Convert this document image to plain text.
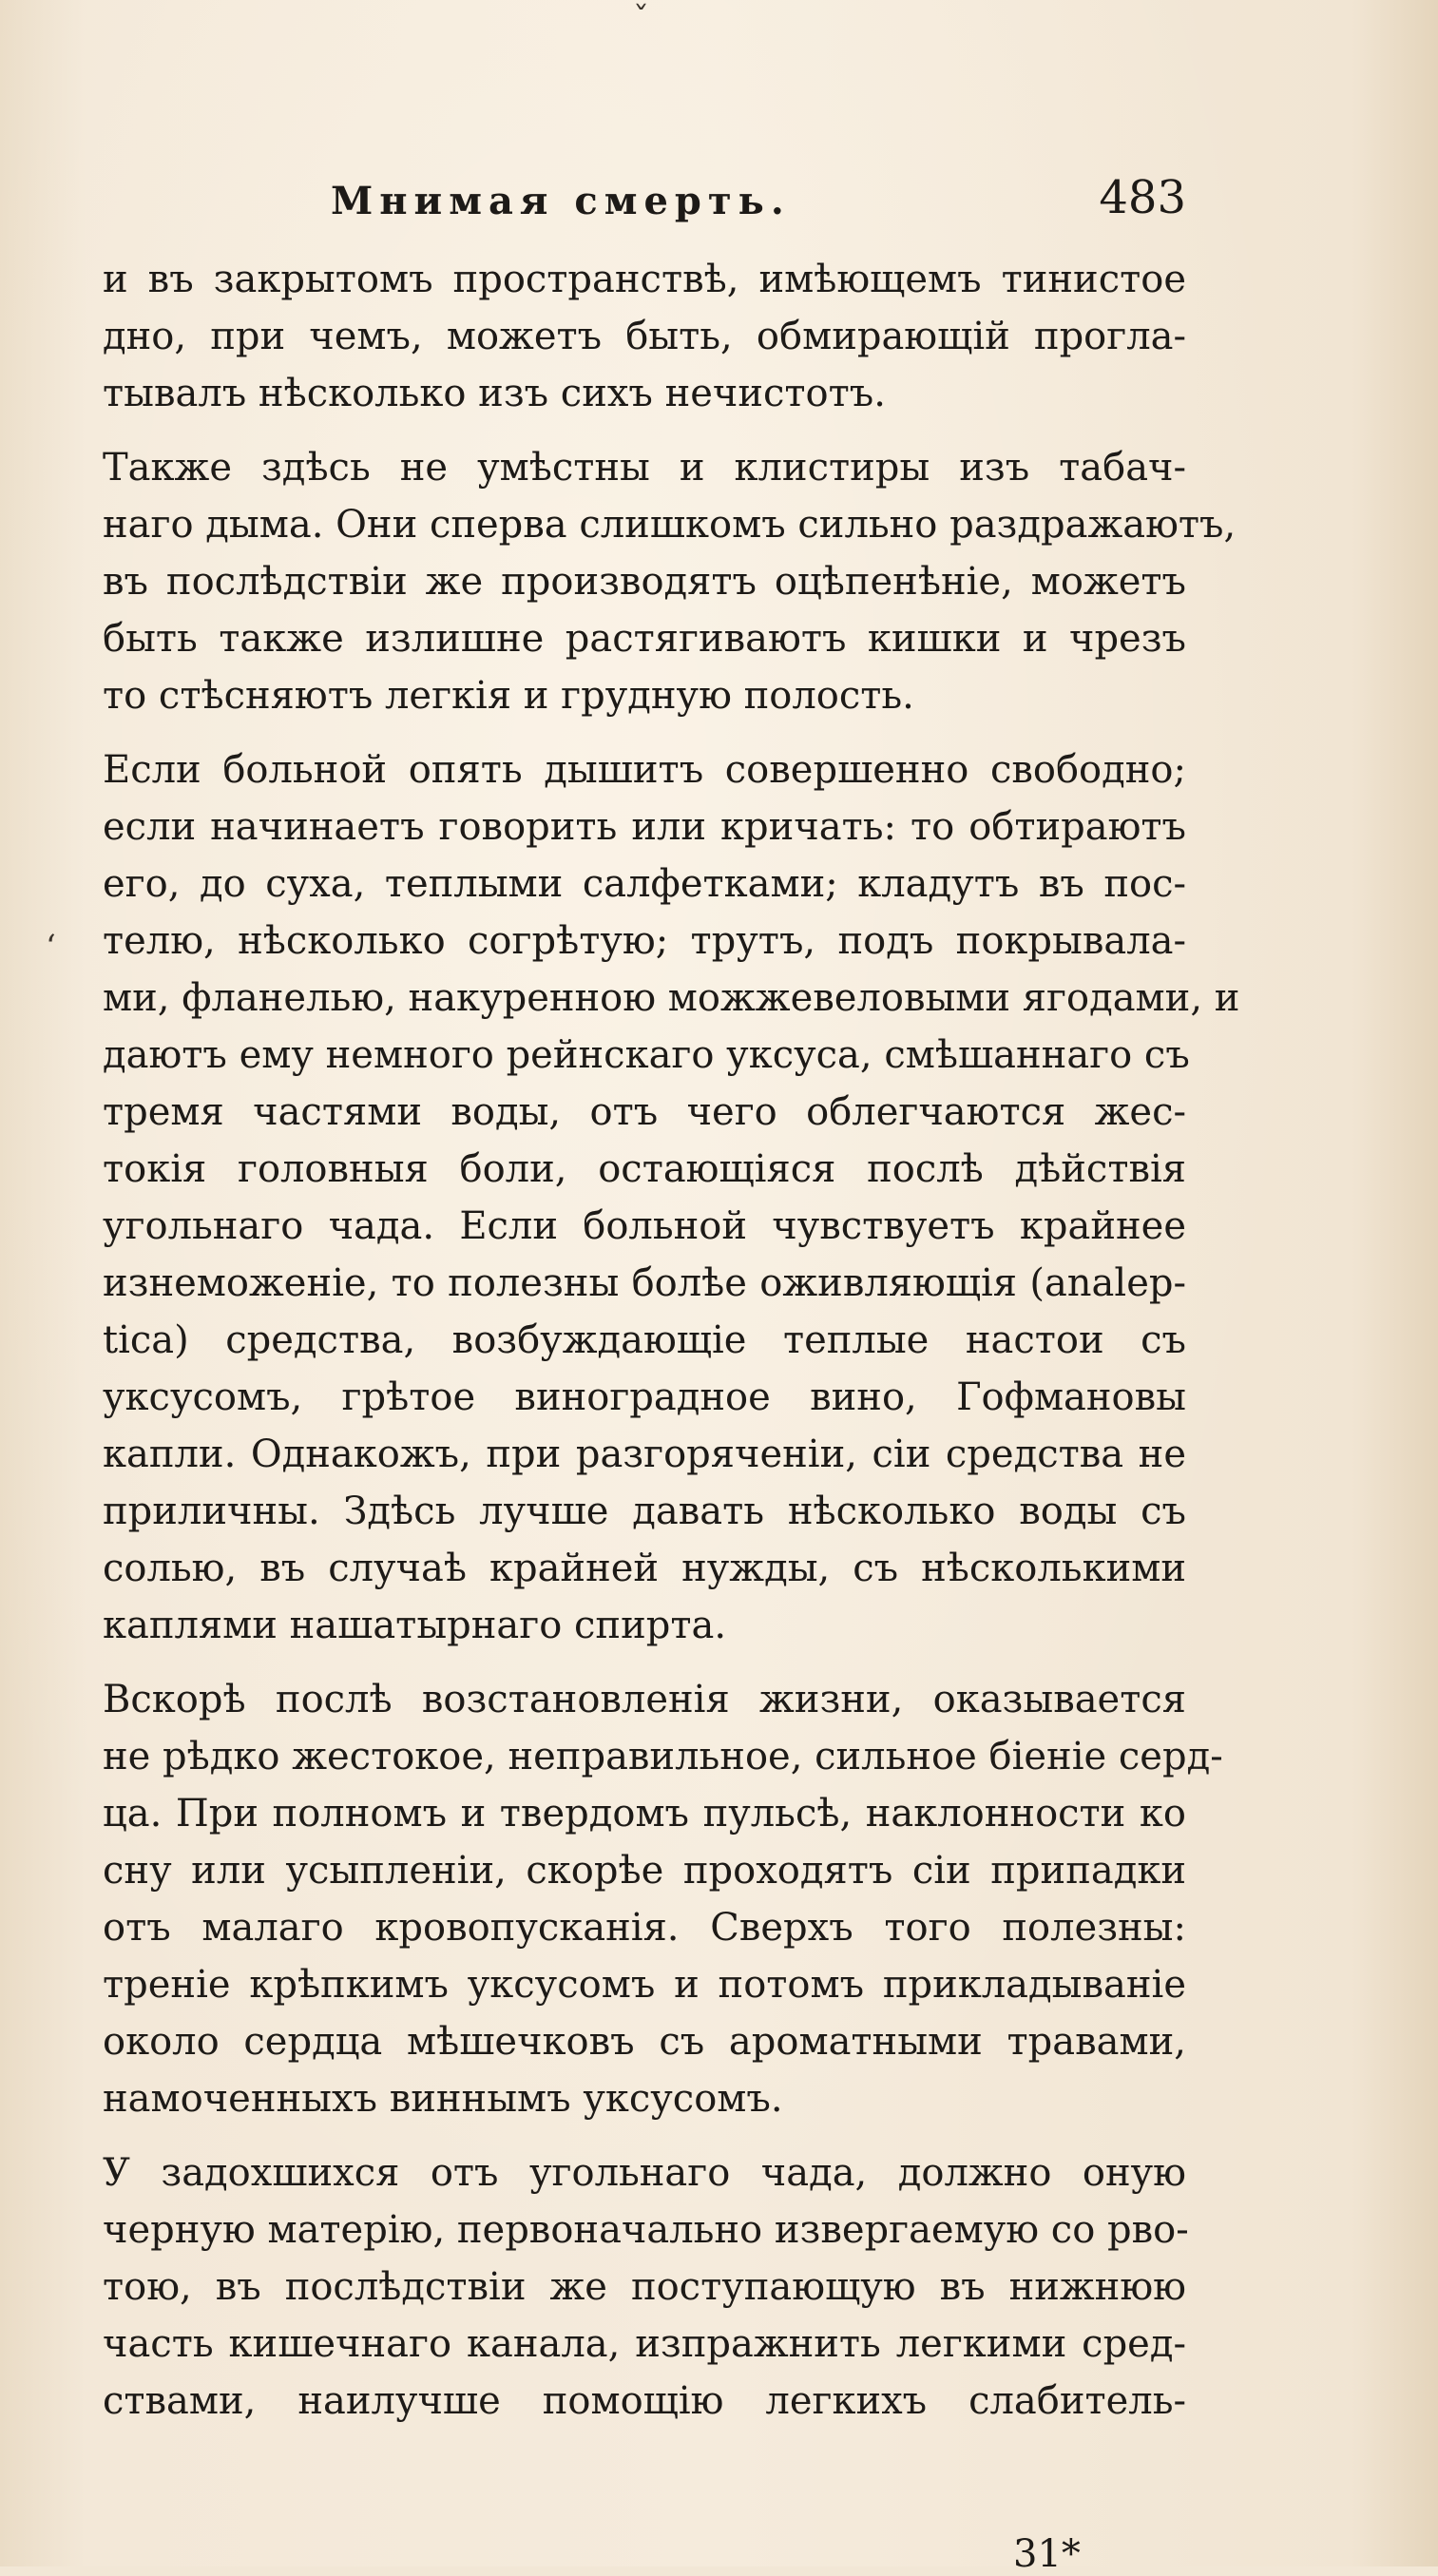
ˇ
‘
Мнимая смерть.	483

и въ закрытомъ пространствѣ, имѣющемъ тинистое
дно, при чемъ, можетъ быть, обмирающій прогла-
тывалъ нѣсколько изъ сихъ нечистотъ.

Также здѣсь не умѣстны и клистиры изъ табач-
наго дыма. Они сперва слишкомъ сильно раздражаютъ,
въ послѣдствіи же производятъ оцѣпенѣніе, можетъ
быть также излишне растягиваютъ кишки и чрезъ
то стѣсняютъ легкія и грудную полость.

Если больной опять дышитъ совершенно свободно;
если начинаетъ говорить или кричать: то обтираютъ
его, до суха, теплыми салфетками; кладутъ въ пос-
телю, нѣсколько согрѣтую; трутъ, подъ покрывала-
ми, фланелью, накуренною можжевеловыми ягодами, и
даютъ ему немного рейнскаго уксуса, смѣшаннаго съ
тремя частями воды, отъ чего облегчаются жес-
токія головныя боли, остающіяся послѣ дѣйствія
угольнаго чада. Если больной чувствуетъ крайнее
изнеможеніе, то полезны болѣе оживляющія (analep-
tica) средства, возбуждающіе теплые настои съ
уксусомъ, грѣтое виноградное вино, Гофмановы
капли. Однакожъ, при разгоряченіи, сіи средства не
приличны. Здѣсь лучше давать нѣсколько воды съ
солью, въ случаѣ крайней нужды, съ нѣсколькими
каплями нашатырнаго спирта.

Вскорѣ послѣ возстановленія жизни, оказывается
не рѣдко жестокое, неправильное, сильное біеніе серд-
ца. При полномъ и твердомъ пульсѣ, наклонности ко
сну или усыпленіи, скорѣе проходятъ сіи припадки
отъ малаго кровопусканія. Сверхъ того полезны:
треніе крѣпкимъ уксусомъ и потомъ прикладываніе
около сердца мѣшечковъ съ ароматными травами,
намоченныхъ виннымъ уксусомъ.

У задохшихся отъ угольнаго чада, должно оную
черную матерію, первоначально извергаемую со рво-
тою, въ послѣдствіи же поступающую въ нижнюю
часть кишечнаго канала, изпражнить легкими сред-
ствами, наилучше помощію легкихъ слабитель-

31*
